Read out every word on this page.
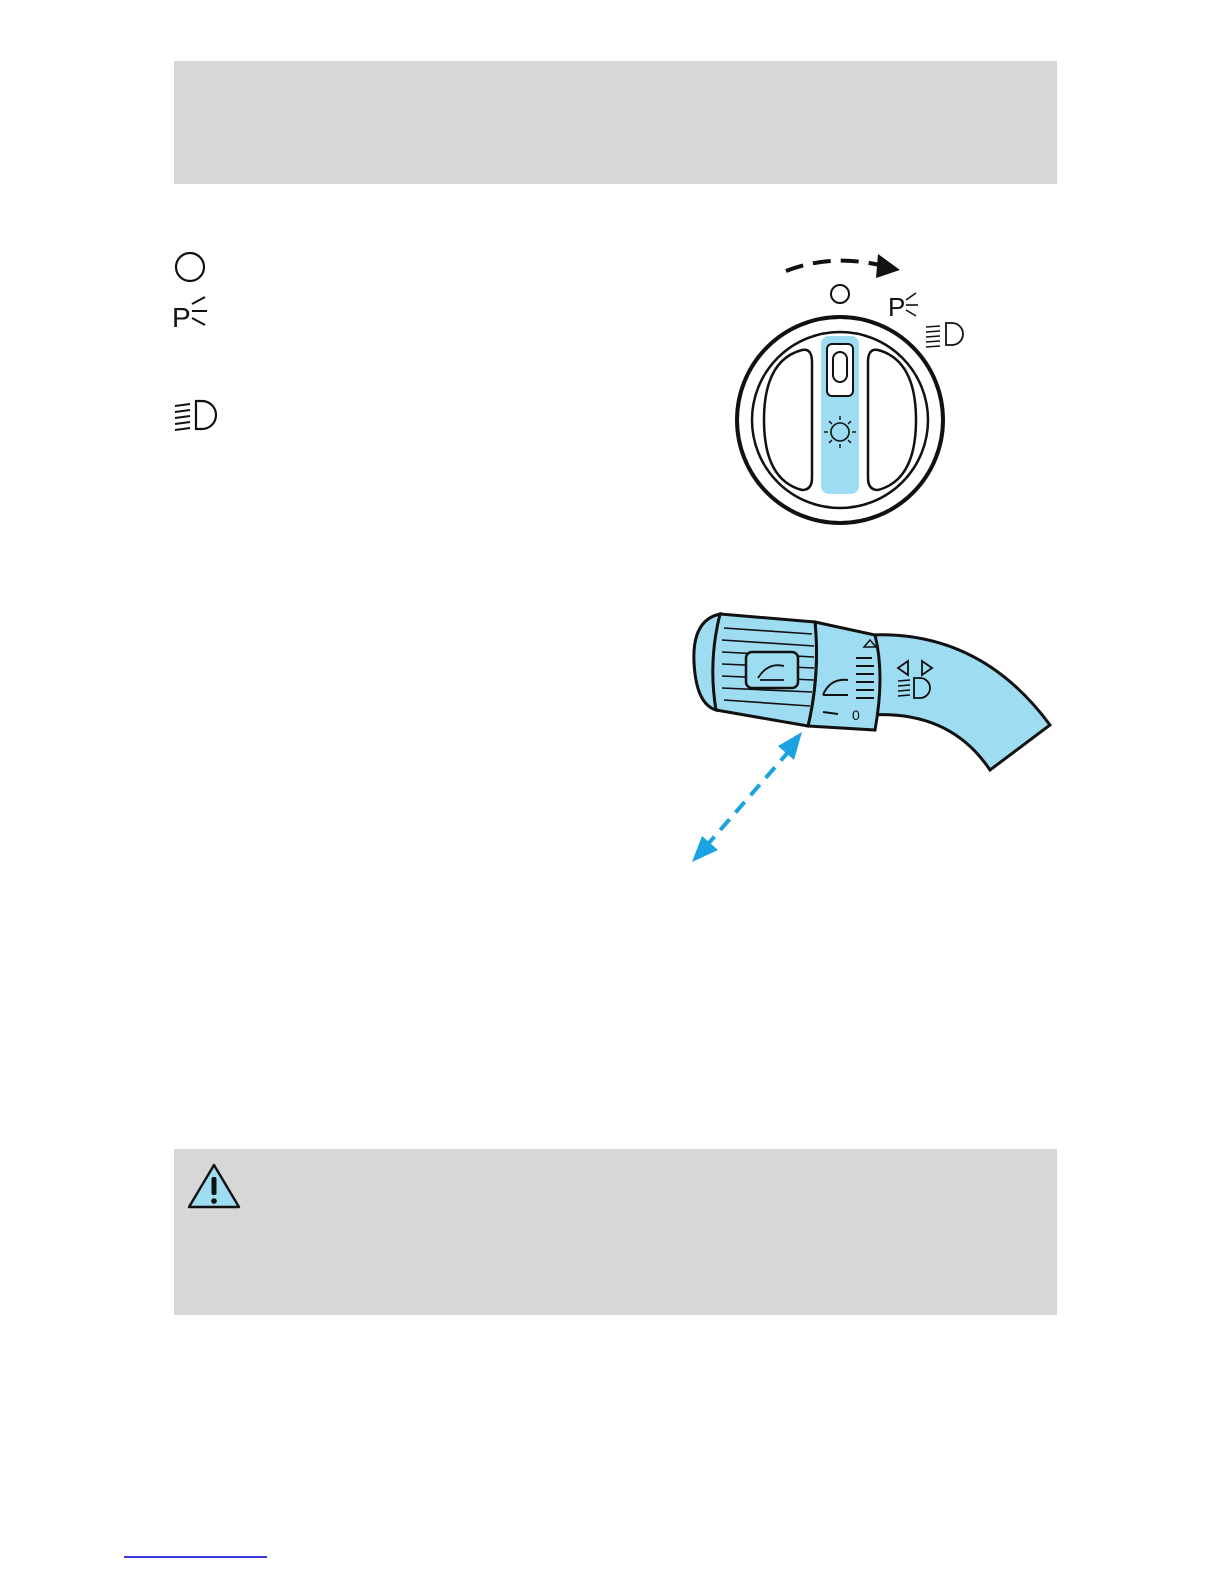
P	P
0
